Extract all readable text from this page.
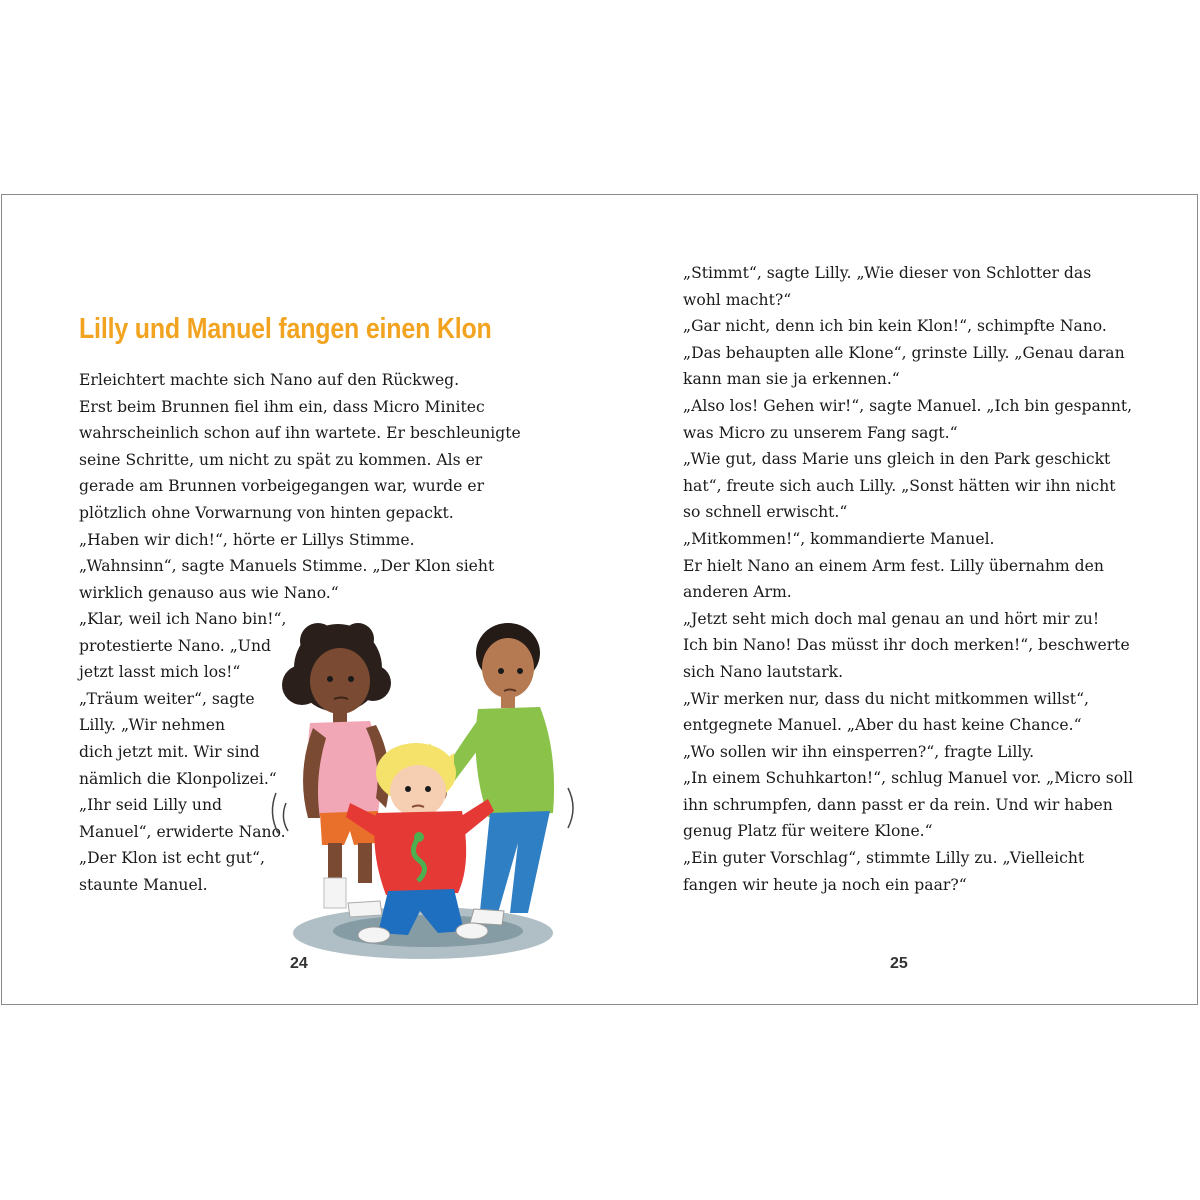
Lilly und Manuel fangen einen Klon
Erleichtert machte sich Nano auf den Rückweg.
Erst beim Brunnen fiel ihm ein, dass Micro Minitec
wahrscheinlich schon auf ihn wartete. Er beschleunigte
seine Schritte, um nicht zu spät zu kommen. Als er
gerade am Brunnen vorbeigegangen war, wurde er
plötzlich ohne Vorwarnung von hinten gepackt.
„Haben wir dich!“, hörte er Lillys Stimme.
„Wahnsinn“, sagte Manuels Stimme. „Der Klon sieht
wirklich genauso aus wie Nano.“
„Klar, weil ich Nano bin!“,
protestierte Nano. „Und
jetzt lasst mich los!“
„Träum weiter“, sagte
Lilly. „Wir nehmen
dich jetzt mit. Wir sind
nämlich die Klonpolizei.“
„Ihr seid Lilly und
Manuel“, erwiderte Nano.
„Der Klon ist echt gut“,
staunte Manuel.
24
„Stimmt“, sagte Lilly. „Wie dieser von Schlotter das
wohl macht?“
„Gar nicht, denn ich bin kein Klon!“, schimpfte Nano.
„Das behaupten alle Klone“, grinste Lilly. „Genau daran
kann man sie ja erkennen.“
„Also los! Gehen wir!“, sagte Manuel. „Ich bin gespannt,
was Micro zu unserem Fang sagt.“
„Wie gut, dass Marie uns gleich in den Park geschickt
hat“, freute sich auch Lilly. „Sonst hätten wir ihn nicht
so schnell erwischt.“
„Mitkommen!“, kommandierte Manuel.
Er hielt Nano an einem Arm fest. Lilly übernahm den
anderen Arm.
„Jetzt seht mich doch mal genau an und hört mir zu!
Ich bin Nano! Das müsst ihr doch merken!“, beschwerte
sich Nano lautstark.
„Wir merken nur, dass du nicht mitkommen willst“,
entgegnete Manuel. „Aber du hast keine Chance.“
„Wo sollen wir ihn einsperren?“, fragte Lilly.
„In einem Schuhkarton!“, schlug Manuel vor. „Micro soll
ihn schrumpfen, dann passt er da rein. Und wir haben
genug Platz für weitere Klone.“
„Ein guter Vorschlag“, stimmte Lilly zu. „Vielleicht
fangen wir heute ja noch ein paar?“
25
